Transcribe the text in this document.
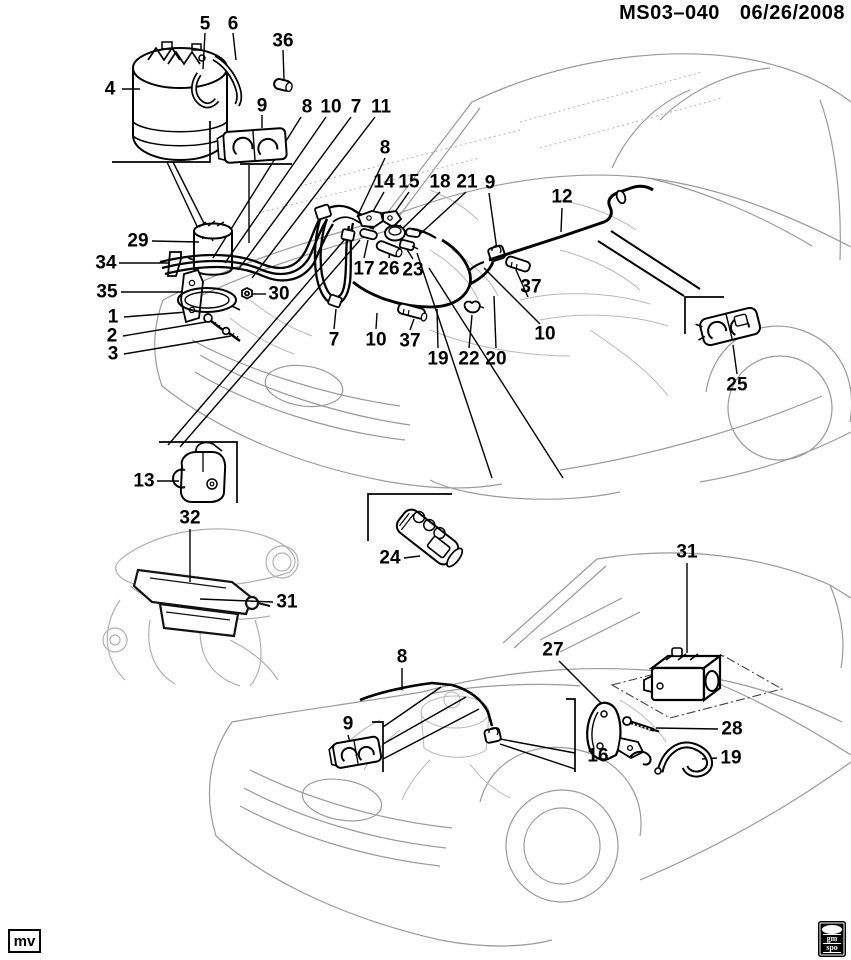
MS03–040 06/26/2008
5 6
36
4
9 8 10 7 11
8
14 15 18 21 9
12
29
34
35
17 26 23
37
30
1
2
3
7 10 37	10
19 22 20
25
13
32
24
31
31
8	27
9
16
28
19
mv	gm
spo
